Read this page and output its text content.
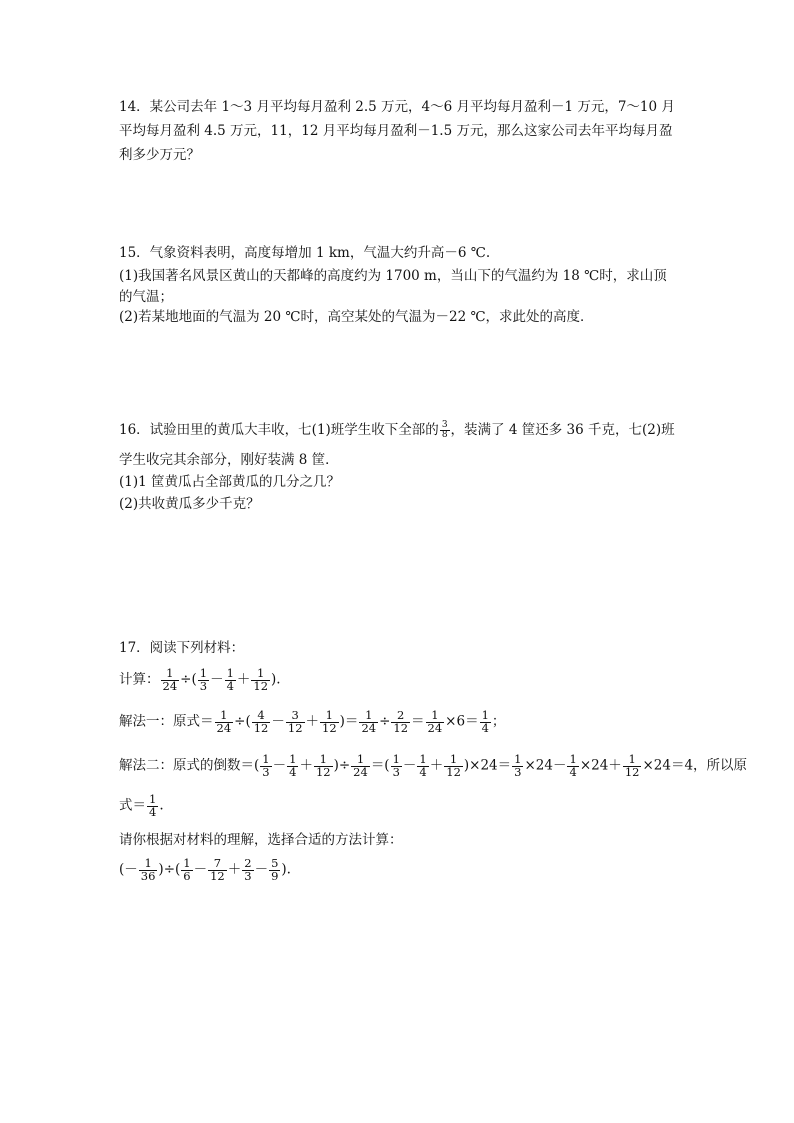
14．某公司去年 1～3 月平均每月盈利 2.5 万元，4～6 月平均每月盈利－1 万元，7～10 月
平均每月盈利 4.5 万元，11，12 月平均每月盈利－1.5 万元，那么这家公司去年平均每月盈
利多少万元？
15．气象资料表明，高度每增加 1 km，气温大约升高－6 ℃.
(1)我国著名风景区黄山的天都峰的高度约为 1700 m，当山下的气温约为 18 ℃时，求山顶
的气温；
(2)若某地地面的气温为 20 ℃时，高空某处的气温为－22 ℃，求此处的高度．
16．试验田里的黄瓜大丰收，七(1)班学生收下全部的 $\frac{3}{8}$ ，装满了 4 筐还多 36 千克，七(2)班
学生收完其余部分，刚好装满 8 筐．
(1)1 筐黄瓜占全部黄瓜的几分之几？
(2)共收黄瓜多少千克？
17．阅读下列材料：
计算： $\frac{1}{24}$ ÷( $\frac{1}{3} - \frac{1}{4} + \frac{1}{12}$ ).
解法一：原式＝ $\frac{1}{24}$ ÷( $\frac{4}{12} - \frac{3}{12} + \frac{1}{12}$ )＝ $\frac{1}{24} \div \frac{2}{12} = \frac{1}{24} \times 6= \frac{1}{4}$ ；
解法二：原式的倒数＝( $\frac{1}{3} - \frac{1}{4} + \frac{1}{12}$ )÷ $\frac{1}{24}$ ＝( $\frac{1}{3} - \frac{1}{4} + \frac{1}{12} )\times 24= \frac{1}{3} \times 24- \frac{1}{4} \times 24+ \frac{1}{12} \times 24=4$，所以原
式＝ $\frac{1}{4}$ .
请你根据对材料的理解，选择合适的方法计算：
(－ $\frac{1}{36}$ )÷( $\frac{1}{6} - \frac{7}{12} + \frac{2}{3} - \frac{5}{9}$ ).
